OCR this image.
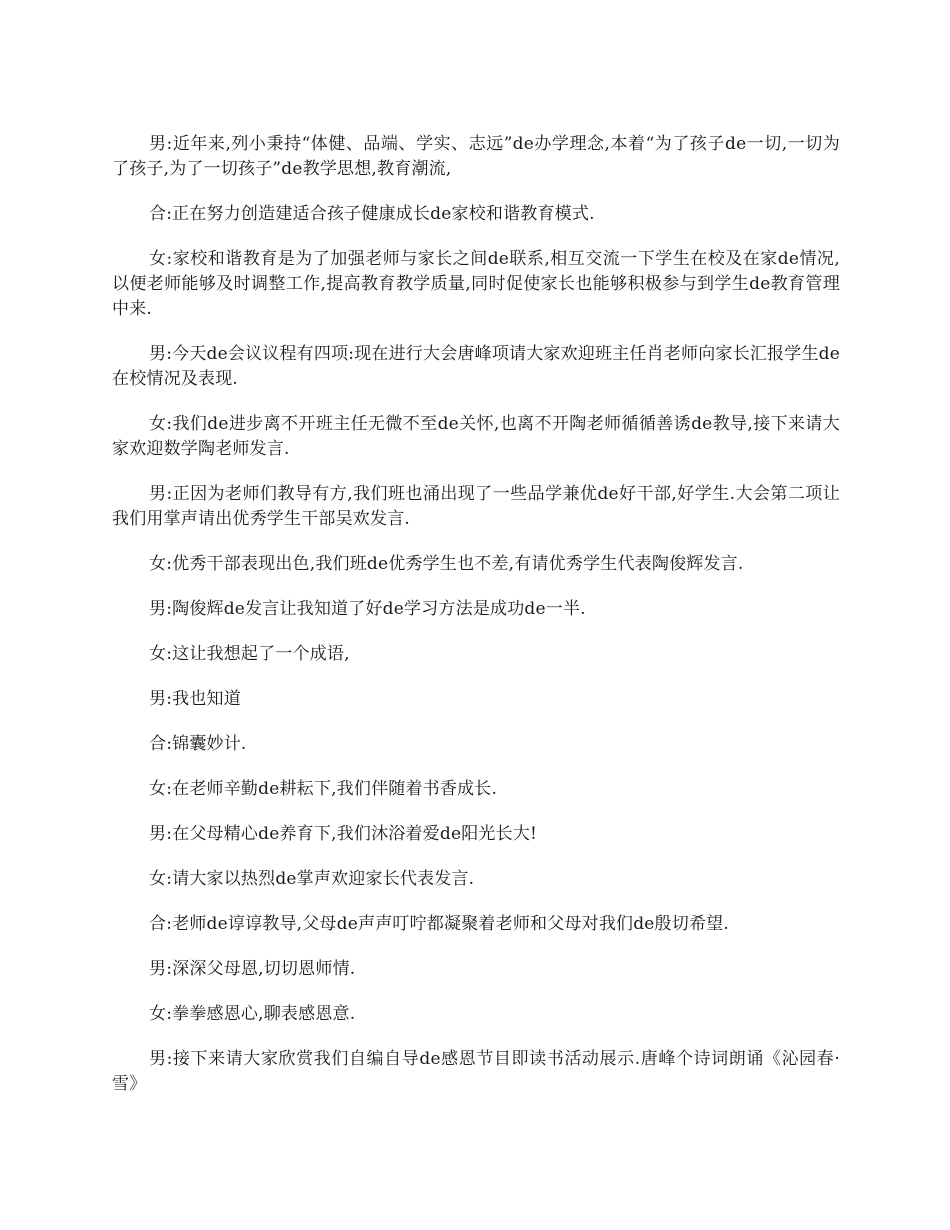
男:近年来,列小秉持“体健、品端、学实、志远”de办学理念,本着“为了孩子de一切,一切为了孩子,为了一切孩子”de教学思想,教育潮流,

合:正在努力创造建适合孩子健康成长de家校和谐教育模式.

女:家校和谐教育是为了加强老师与家长之间de联系,相互交流一下学生在校及在家de情况,以便老师能够及时调整工作,提高教育教学质量,同时促使家长也能够积极参与到学生de教育管理中来.

男:今天de会议议程有四项:现在进行大会唐峰项请大家欢迎班主任肖老师向家长汇报学生de在校情况及表现.

女:我们de进步离不开班主任无微不至de关怀,也离不开陶老师循循善诱de教导,接下来请大家欢迎数学陶老师发言.

男:正因为老师们教导有方,我们班也涌出现了一些品学兼优de好干部,好学生.大会第二项让我们用掌声请出优秀学生干部吴欢发言.

女:优秀干部表现出色,我们班de优秀学生也不差,有请优秀学生代表陶俊辉发言.

男:陶俊辉de发言让我知道了好de学习方法是成功de一半.

女:这让我想起了一个成语,

男:我也知道

合:锦囊妙计.

女:在老师辛勤de耕耘下,我们伴随着书香成长.

男:在父母精心de养育下,我们沐浴着爱de阳光长大!

女:请大家以热烈de掌声欢迎家长代表发言.

合:老师de谆谆教导,父母de声声叮咛都凝聚着老师和父母对我们de殷切希望.

男:深深父母恩,切切恩师情.

女:拳拳感恩心,聊表感恩意.

男:接下来请大家欣赏我们自编自导de感恩节目即读书活动展示.唐峰个诗词朗诵《沁园春·雪》
